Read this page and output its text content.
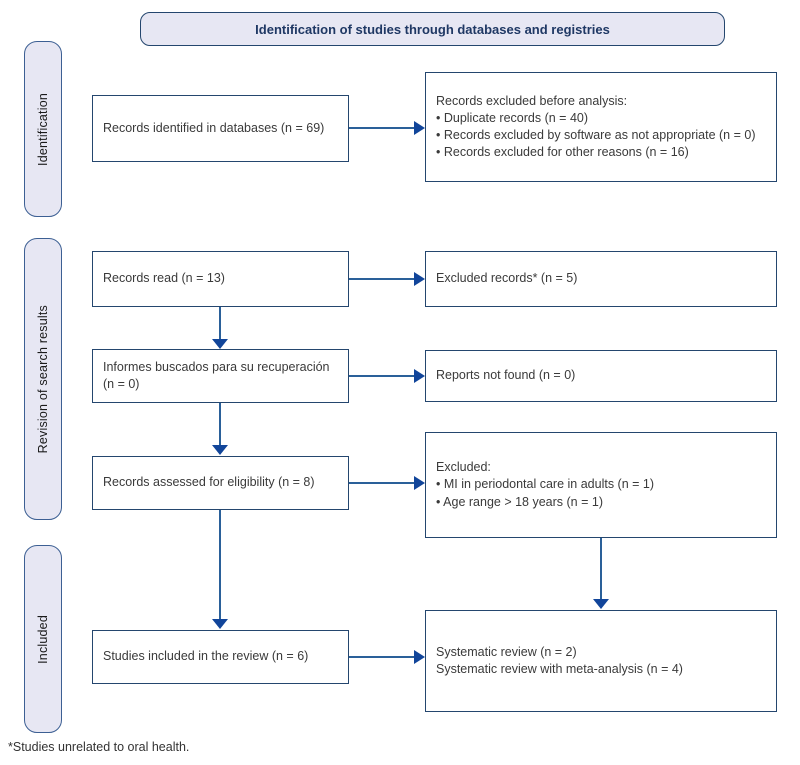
Identification of studies through databases and registries
Identification
Revision of search results
Included
Records identified in databases (n = 69)
Records read (n = 13)
Informes buscados para su recuperación (n = 0)
Records assessed for eligibility (n = 8)
Studies included in the review (n = 6)
Records excluded before analysis:
• Duplicate records (n = 40)
• Records excluded by software as not appropriate (n = 0)
• Records excluded for other reasons (n = 16)
Excluded records* (n = 5)
Reports not found (n = 0)
Excluded:
• MI in periodontal care in adults (n = 1)
• Age range > 18 years (n = 1)
Systematic review (n = 2)
Systematic review with meta-analysis (n = 4)
*Studies unrelated to oral health.
